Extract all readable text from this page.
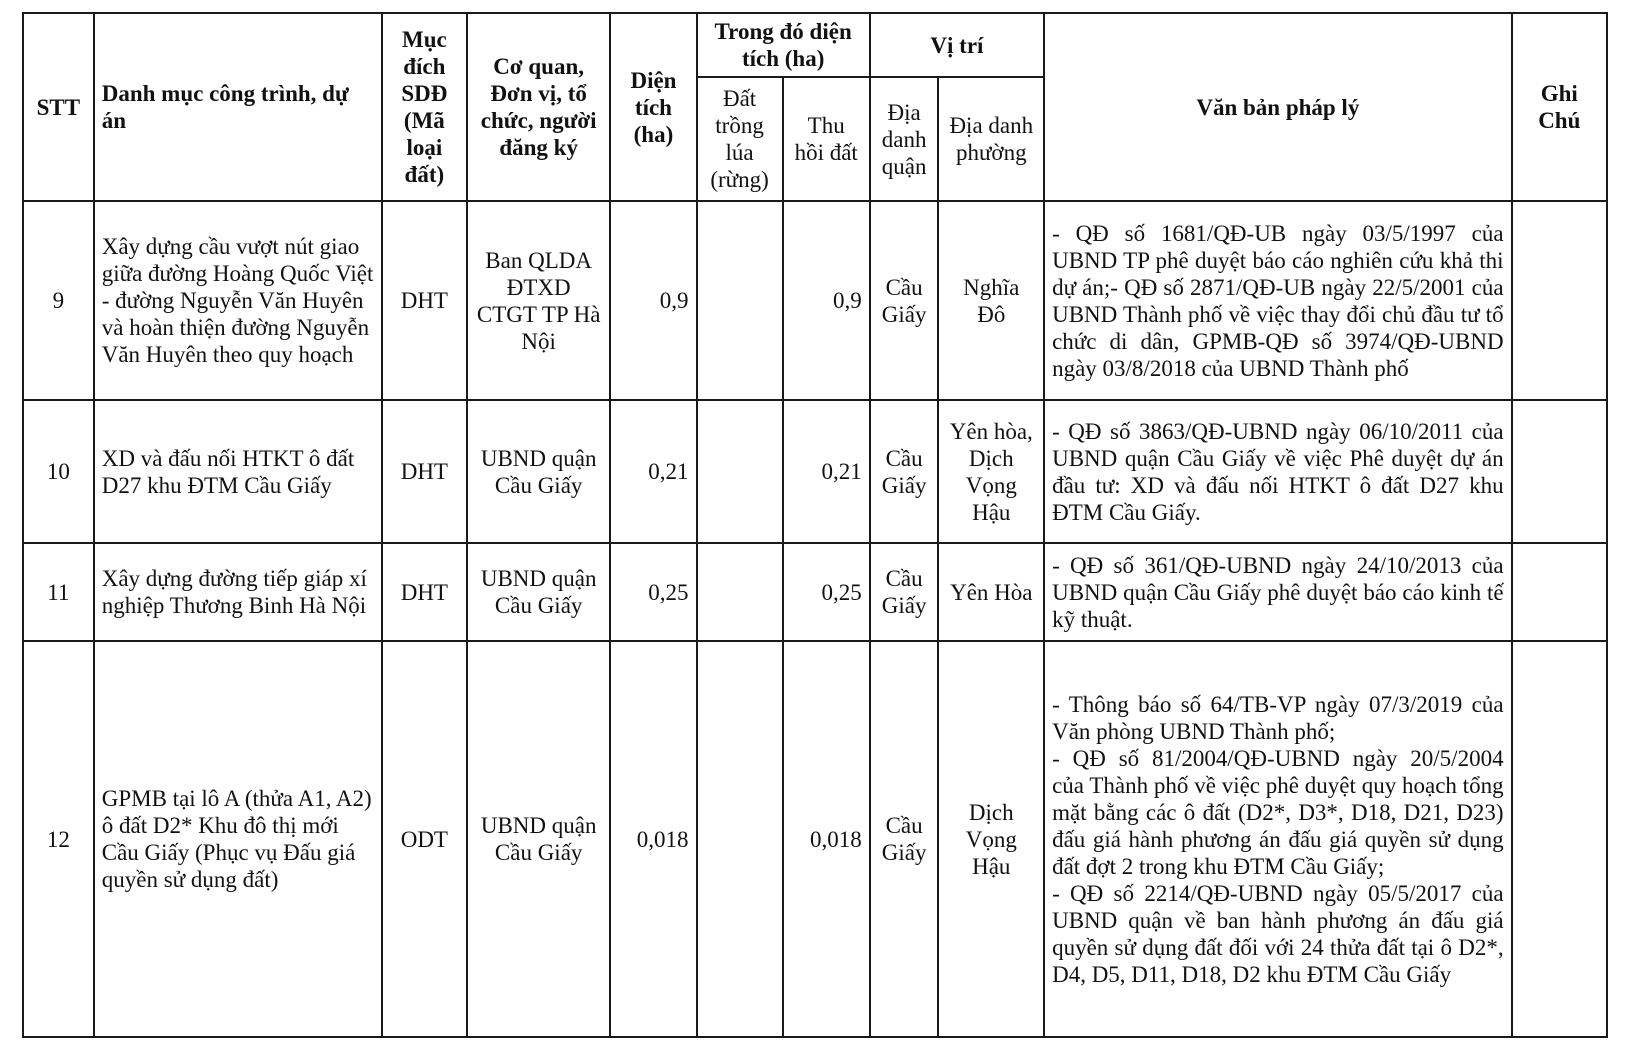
STT	Danh mục công trình, dự án	Mục đích SDĐ (Mã loại đất)	Cơ quan, Đơn vị, tổ chức, người đăng ký	Diện tích (ha)	Trong đó diện tích (ha)		Vị trí		Văn bản pháp lý	Ghi Chú
					Đất trồng lúa (rừng)	Thu hồi đất	Địa danh quận	Địa danh phường		
9	Xây dựng cầu vượt nút giao giữa đường Hoàng Quốc Việt - đường Nguyễn Văn Huyên và hoàn thiện đường Nguyễn Văn Huyên theo quy hoạch	DHT	Ban QLDA ĐTXD CTGT TP Hà Nội	0,9		0,9	Cầu Giấy	Nghĩa Đô	- QĐ số 1681/QĐ-UB ngày 03/5/1997 của UBND TP phê duyệt báo cáo nghiên cứu khả thi dự án;- QĐ số 2871/QĐ-UB ngày 22/5/2001 của UBND Thành phố về việc thay đổi chủ đầu tư tổ chức di dân, GPMB-QĐ số 3974/QĐ-UBND ngày 03/8/2018 của UBND Thành phố	

10	XD và đấu nối HTKT ô đất D27 khu ĐTM Cầu Giấy	DHT	UBND quận Cầu Giấy	0,21		0,21	Cầu Giấy	Yên hòa, Dịch Vọng Hậu	- QĐ số 3863/QĐ-UBND ngày 06/10/2011 của UBND quận Cầu Giấy về việc Phê duyệt dự án đầu tư: XD và đấu nối HTKT ô đất D27 khu ĐTM Cầu Giấy.	

11	Xây dựng đường tiếp giáp xí nghiệp Thương Binh Hà Nội	DHT	UBND quận Cầu Giấy	0,25		0,25	Cầu Giấy	Yên Hòa	- QĐ số 361/QĐ-UBND ngày 24/10/2013 của UBND quận Cầu Giấy phê duyệt báo cáo kinh tế kỹ thuật.	

12	GPMB tại lô A (thửa A1, A2) ô đất D2* Khu đô thị mới Cầu Giấy (Phục vụ Đấu giá quyền sử dụng đất)	ODT	UBND quận Cầu Giấy	0,018		0,018	Cầu Giấy	Dịch Vọng Hậu	- Thông báo số 64/TB-VP ngày 07/3/2019 của Văn phòng UBND Thành phố;
- QĐ số 81/2004/QĐ-UBND ngày 20/5/2004 của Thành phố về việc phê duyệt quy hoạch tổng mặt bằng các ô đất (D2*, D3*, D18, D21, D23) đấu giá hành phương án đấu giá quyền sử dụng đất đợt 2 trong khu ĐTM Cầu Giấy;
- QĐ số 2214/QĐ-UBND ngày 05/5/2017 của UBND quận về ban hành phương án đấu giá quyền sử dụng đất đối với 24 thửa đất tại ô D2*, D4, D5, D11, D18, D2 khu ĐTM Cầu Giấy	
